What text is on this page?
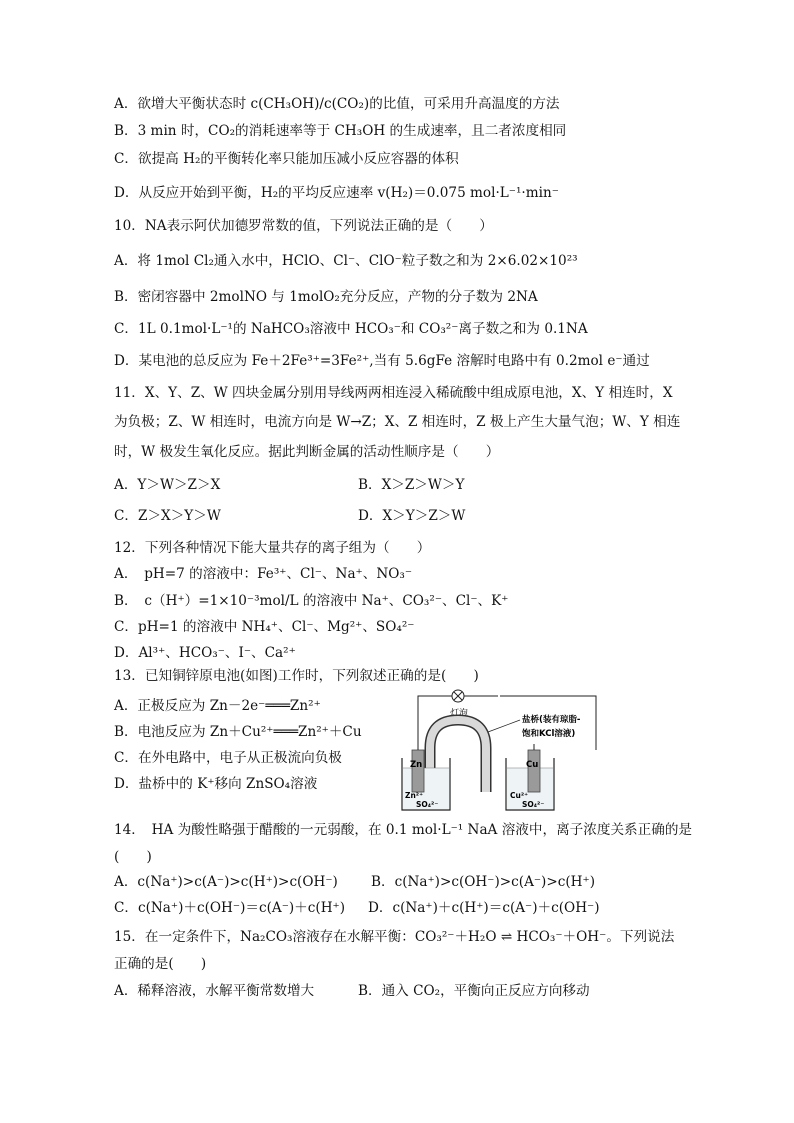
A．欲增大平衡状态时 c(CH₃OH)/c(CO₂)的比值，可采用升高温度的方法
B．3 min 时，CO₂的消耗速率等于 CH₃OH 的生成速率，且二者浓度相同
C．欲提高 H₂的平衡转化率只能加压减小反应容器的体积
D．从反应开始到平衡，H₂的平均反应速率 v(H₂)＝0.075 mol·L⁻¹·min⁻
10．NA表示阿伏加德罗常数的值，下列说法正确的是（　　）
A．将 1mol Cl₂通入水中，HClO、Cl⁻、ClO⁻粒子数之和为 2×6.02×10²³
B．密闭容器中 2molNO 与 1molO₂充分反应，产物的分子数为 2NA
C．1L 0.1mol·L⁻¹的 NaHCO₃溶液中 HCO₃⁻和 CO₃²⁻离子数之和为 0.1NA
D．某电池的总反应为 Fe＋2Fe³⁺=3Fe²⁺,当有 5.6gFe 溶解时电路中有 0.2mol e⁻通过
11．X、Y、Z、W 四块金属分别用导线两两相连浸入稀硫酸中组成原电池，X、Y 相连时，X
为负极；Z、W 相连时，电流方向是 W→Z；X、Z 相连时，Z 极上产生大量气泡；W、Y 相连
时，W 极发生氧化反应。据此判断金属的活动性顺序是（　　）
A．Y＞W＞Z＞X	B．X＞Z＞W＞Y
C．Z＞X＞Y＞W	D．X＞Y＞Z＞W
12．下列各种情况下能大量共存的离子组为（　　）
A．　pH=7 的溶液中：Fe³⁺、Cl⁻、Na⁺、NO₃⁻
B．　c（H⁺）=1×10⁻³mol/L 的溶液中 Na⁺、CO₃²⁻、Cl⁻、K⁺
C．pH=1 的溶液中 NH₄⁺、Cl⁻、Mg²⁺、SO₄²⁻
D．Al³⁺、HCO₃⁻、I⁻、Ca²⁺
13．已知铜锌原电池(如图)工作时，下列叙述正确的是(　　)
A．正极反应为 Zn－2e⁻═══Zn²⁺
B．电池反应为 Zn＋Cu²⁺═══Zn²⁺＋Cu
C．在外电路中，电子从正极流向负极
D．盐桥中的 K⁺移向 ZnSO₄溶液
灯泡
盐桥(装有琼脂-
饱和KCl溶液)
Zn	Cu
Zn²⁺
SO₄²⁻
Cu²⁺
SO₄²⁻
14．　HA 为酸性略强于醋酸的一元弱酸，在 0.1 mol·L⁻¹ NaA 溶液中，离子浓度关系正确的是
(　　)
A．c(Na⁺)>c(A⁻)>c(H⁺)>c(OH⁻) B．c(Na⁺)>c(OH⁻)>c(A⁻)>c(H⁺)
C．c(Na⁺)＋c(OH⁻)＝c(A⁻)＋c(H⁺) D．c(Na⁺)＋c(H⁺)＝c(A⁻)＋c(OH⁻)
15．在一定条件下，Na₂CO₃溶液存在水解平衡：CO₃²⁻＋H₂O ⇌ HCO₃⁻＋OH⁻。下列说法
正确的是(　　)
A．稀释溶液，水解平衡常数增大	B．通入 CO₂，平衡向正反应方向移动
